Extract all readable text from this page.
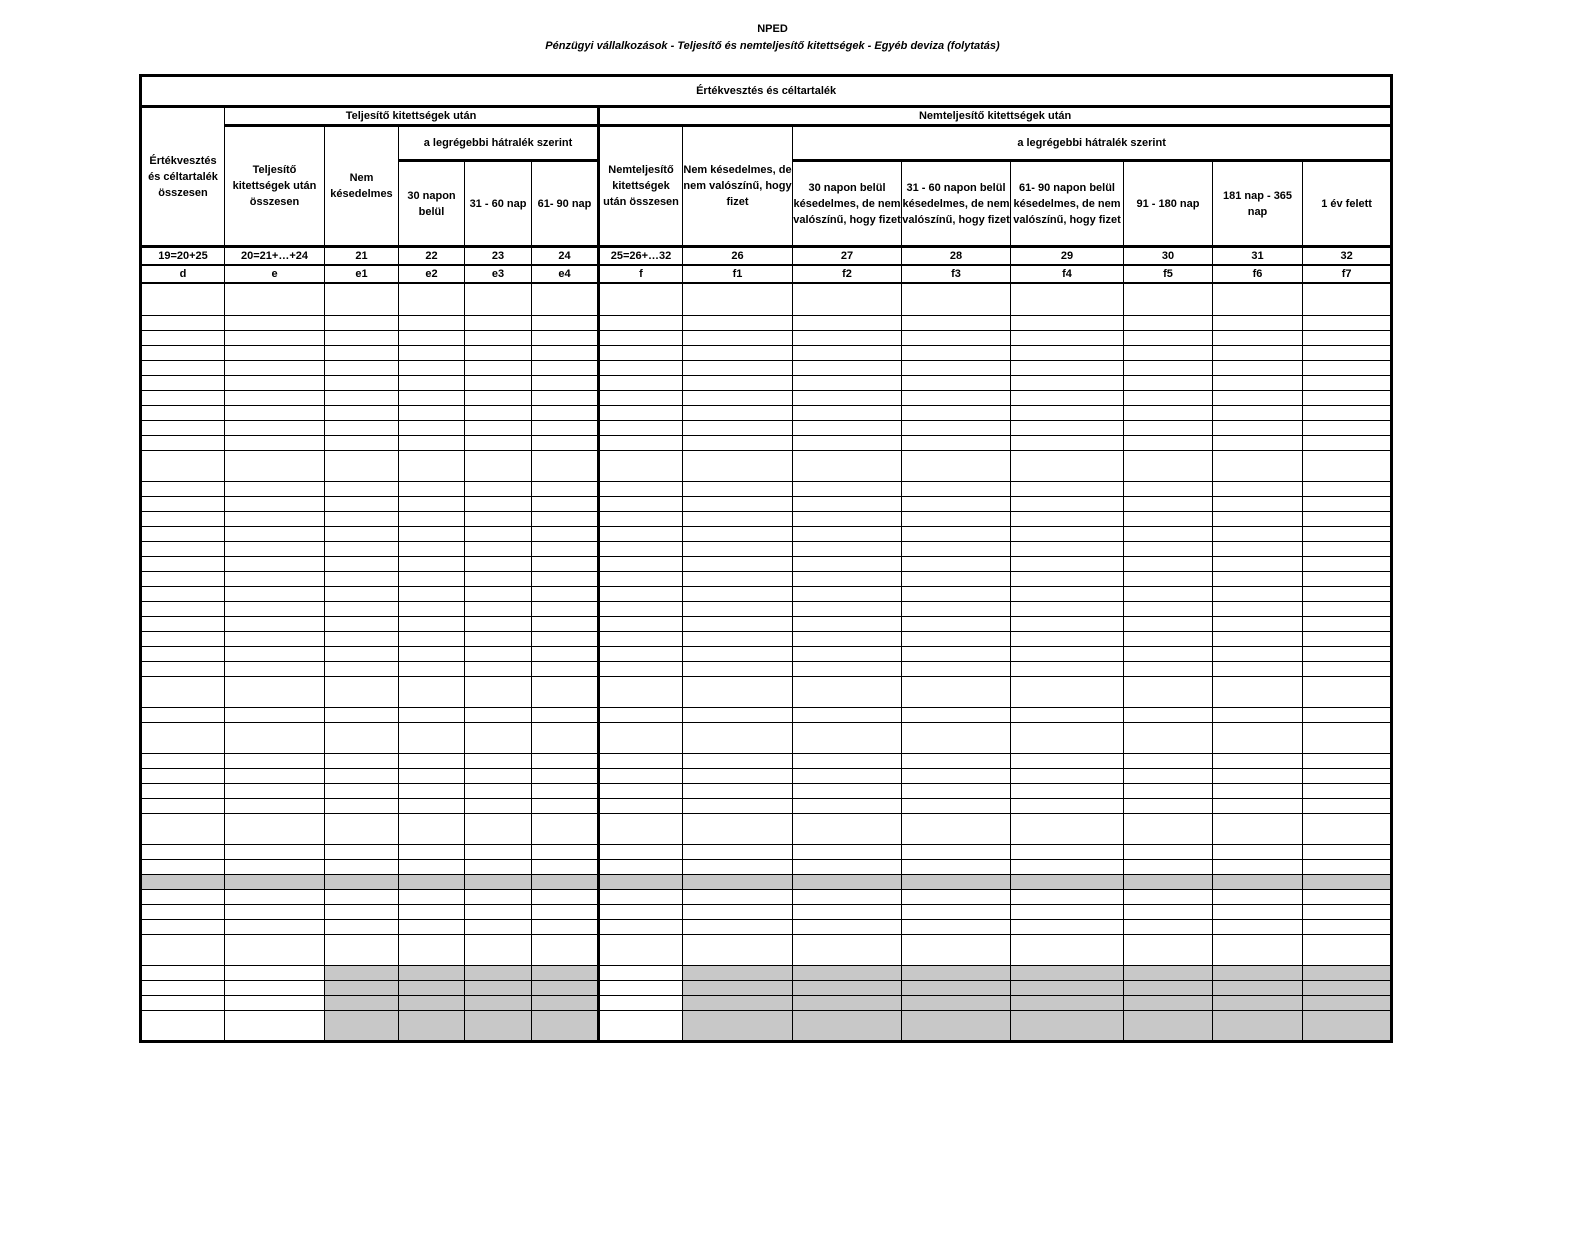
NPED
Pénzügyi vállalkozások - Teljesítő és nemteljesítő kitettségek - Egyéb deviza (folytatás)
Értékvesztés és céltartalék													
Értékvesztés és céltartalék összesen	Teljesítő kitettségek után					Nemteljesítő kitettségek után							
	Teljesítő kitettségek után összesen	Nem késedelmes	a legrégebbi hátralék szerint			Nemteljesítő kitettségek után összesen	Nem késedelmes, de nem valószínű, hogy fizet	a legrégebbi hátralék szerint					
			30 napon belül	31 - 60 nap	61- 90 nap			30 napon belül késedelmes, de nem valószínű, hogy fizet	31 - 60 napon belül késedelmes, de nem valószínű, hogy fizet	61- 90 napon belül késedelmes, de nem valószínű, hogy fizet	91 - 180 nap	181 nap - 365 nap	1 év felett
19=20+25	20=21+…+24	21	22	23	24	25=26+…32	26	27	28	29	30	31	32
d	e	e1	e2	e3	e4	f	f1	f2	f3	f4	f5	f6	f7
